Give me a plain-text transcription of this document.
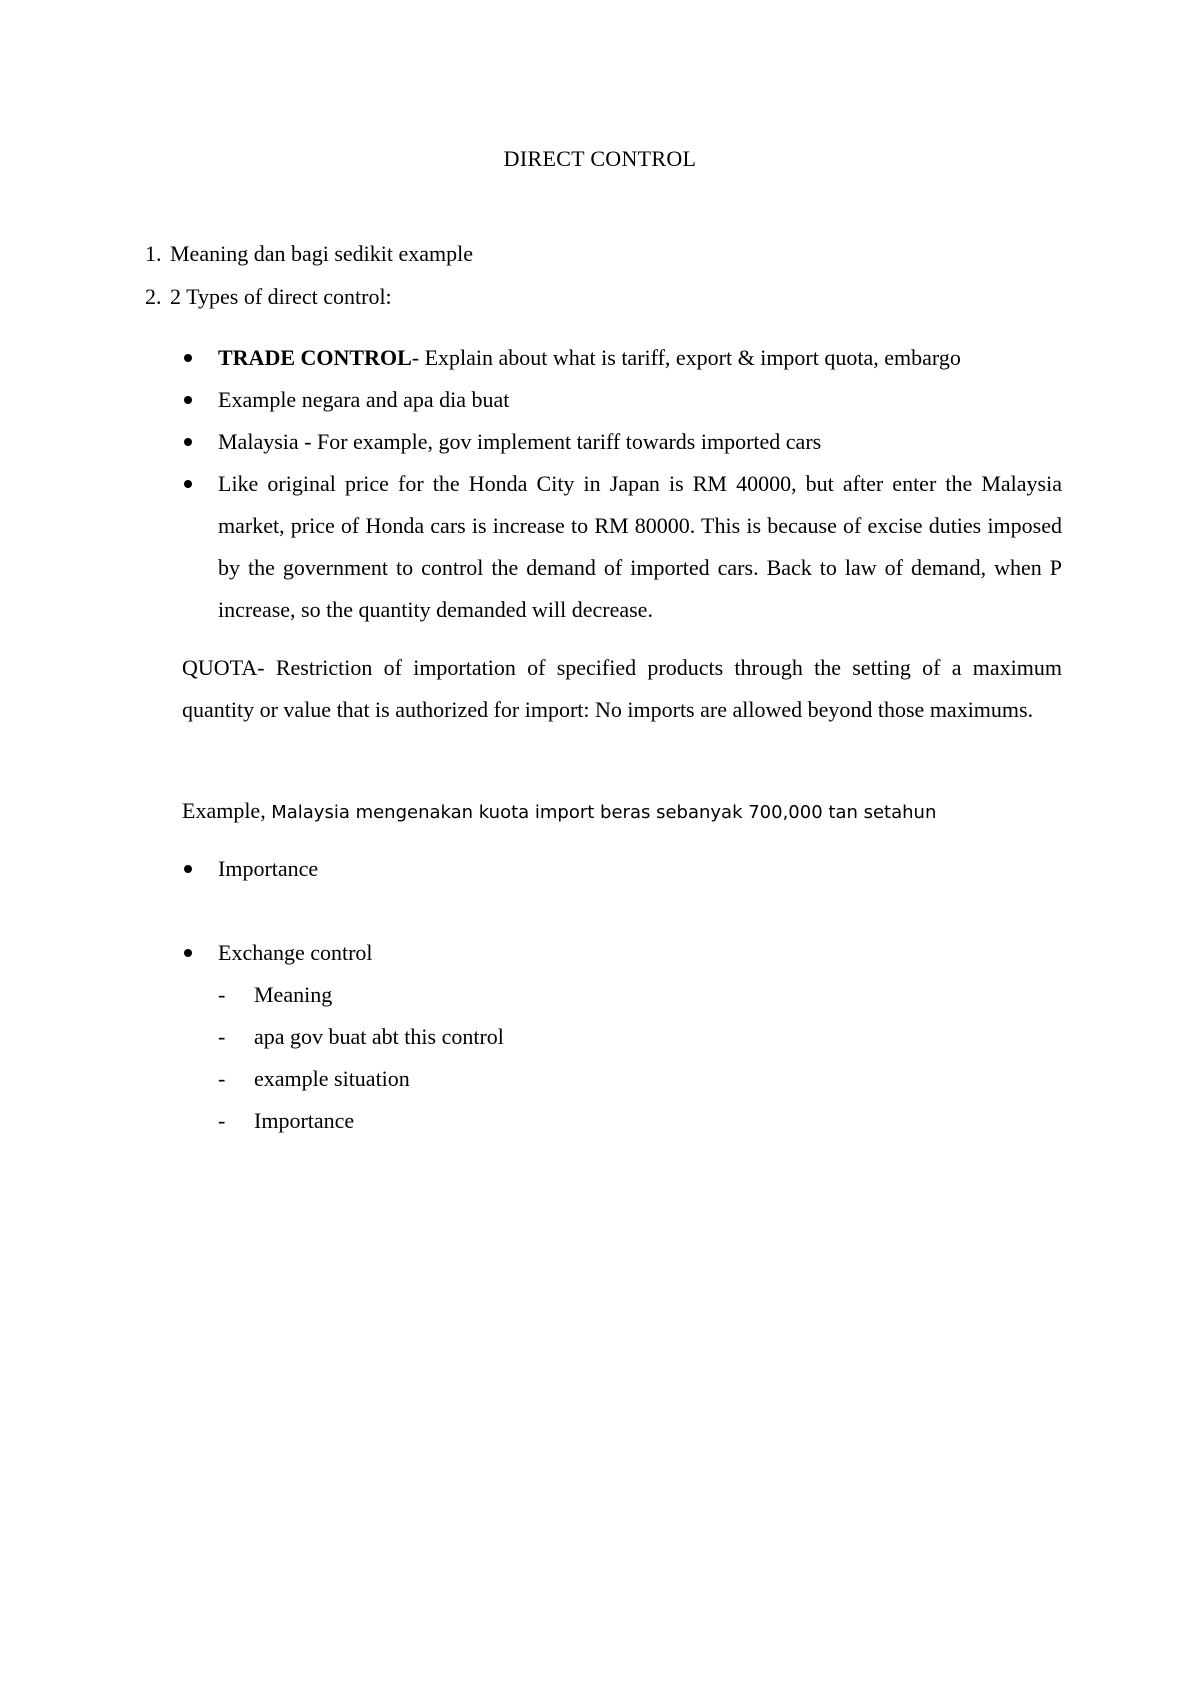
DIRECT CONTROL
1. Meaning dan bagi sedikit example
2. 2 Types of direct control:
TRADE CONTROL- Explain about what is tariff, export & import quota, embargo
Example negara and apa dia buat
Malaysia - For example, gov implement tariff towards imported cars
Like original price for the Honda City in Japan is RM 40000, but after enter the Malaysia market, price of Honda cars is increase to RM 80000. This is because of excise duties imposed by the government to control the demand of imported cars. Back to law of demand, when P increase, so the quantity demanded will decrease.
QUOTA- Restriction of importation of specified products through the setting of a maximum quantity or value that is authorized for import: No imports are allowed beyond those maximums.
Example, Malaysia mengenakan kuota import beras sebanyak 700,000 tan setahun
Importance
Exchange control
- Meaning
- apa gov buat abt this control
- example situation
- Importance
